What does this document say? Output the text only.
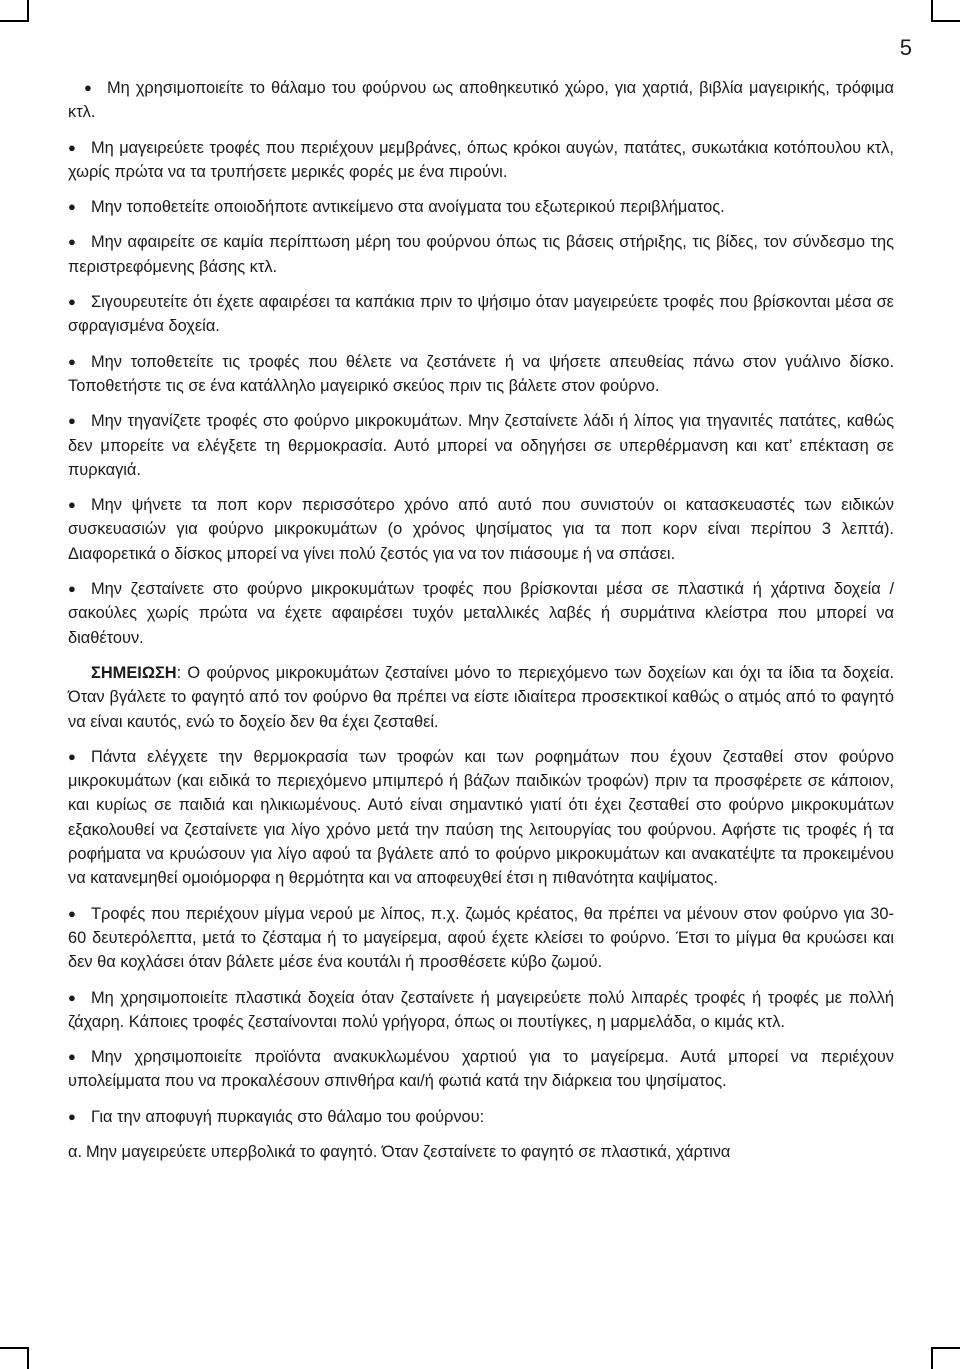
5

● Μη χρησιμοποιείτε το θάλαμο του φούρνου ως αποθηκευτικό χώρο, για χαρτιά, βιβλία μαγειρικής, τρόφιμα κτλ.

● Μη μαγειρεύετε τροφές που περιέχουν μεμβράνες, όπως κρόκοι αυγών, πατάτες, συκωτάκια κοτόπουλου κτλ, χωρίς πρώτα να τα τρυπήσετε μερικές φορές με ένα πιρούνι.

● Μην τοποθετείτε οποιοδήποτε αντικείμενο στα ανοίγματα του εξωτερικού περιβλήματος.

● Μην αφαιρείτε σε καμία περίπτωση μέρη του φούρνου όπως τις βάσεις στήριξης, τις βίδες, τον σύνδεσμο της περιστρεφόμενης βάσης κτλ.

● Σιγουρευτείτε ότι έχετε αφαιρέσει τα καπάκια πριν το ψήσιμο όταν μαγειρεύετε τροφές που βρίσκονται μέσα σε σφραγισμένα δοχεία.

● Μην τοποθετείτε τις τροφές που θέλετε να ζεστάνετε ή να ψήσετε απευθείας πάνω στον γυάλινο δίσκο. Τοποθετήστε τις σε ένα κατάλληλο μαγειρικό σκεύος πριν τις βάλετε στον φούρνο.

● Μην τηγανίζετε τροφές στο φούρνο μικροκυμάτων. Μην ζεσταίνετε λάδι ή λίπος για τηγανιτές πατάτες, καθώς δεν μπορείτε να ελέγξετε τη θερμοκρασία. Αυτό μπορεί να οδηγήσει σε υπερθέρμανση και κατ’ επέκταση σε πυρκαγιά.

● Μην ψήνετε τα ποπ κορν περισσότερο χρόνο από αυτό που συνιστούν οι κατασκευαστές των ειδικών συσκευασιών για φούρνο μικροκυμάτων (ο χρόνος ψησίματος για τα ποπ κορν είναι περίπου 3 λεπτά). Διαφορετικά ο δίσκος μπορεί να γίνει πολύ ζεστός για να τον πιάσουμε ή να σπάσει.

● Μην ζεσταίνετε στο φούρνο μικροκυμάτων τροφές που βρίσκονται μέσα σε πλαστικά ή χάρτινα δοχεία / σακούλες χωρίς πρώτα να έχετε αφαιρέσει τυχόν μεταλλικές λαβές ή συρμάτινα κλείστρα που μπορεί να διαθέτουν.

ΣΗΜΕΙΩΣΗ: Ο φούρνος μικροκυμάτων ζεσταίνει μόνο το περιεχόμενο των δοχείων και όχι τα ίδια τα δοχεία. Όταν βγάλετε το φαγητό από τον φούρνο θα πρέπει να είστε ιδιαίτερα προσεκτικοί καθώς ο ατμός από το φαγητό να είναι καυτός, ενώ το δοχείο δεν θα έχει ζεσταθεί.

● Πάντα ελέγχετε την θερμοκρασία των τροφών και των ροφημάτων που έχουν ζεσταθεί στον φούρνο μικροκυμάτων (και ειδικά το περιεχόμενο μπιμπερό ή βάζων παιδικών τροφών) πριν τα προσφέρετε σε κάποιον, και κυρίως σε παιδιά και ηλικιωμένους. Αυτό είναι σημαντικό γιατί ότι έχει ζεσταθεί στο φούρνο μικροκυμάτων εξακολουθεί να ζεσταίνετε για λίγο χρόνο μετά την παύση της λειτουργίας του φούρνου. Αφήστε τις τροφές ή τα ροφήματα να κρυώσουν για λίγο αφού τα βγάλετε από το φούρνο μικροκυμάτων και ανακατέψτε τα προκειμένου να κατανεμηθεί ομοιόμορφα η θερμότητα και να αποφευχθεί έτσι η πιθανότητα καψίματος.

● Τροφές που περιέχουν μίγμα νερού με λίπος, π.χ. ζωμός κρέατος, θα πρέπει να μένουν στον φούρνο για 30-60 δευτερόλεπτα, μετά το ζέσταμα ή το μαγείρεμα, αφού έχετε κλείσει το φούρνο. Έτσι το μίγμα θα κρυώσει και δεν θα κοχλάσει όταν βάλετε μέσε ένα κουτάλι ή προσθέσετε κύβο ζωμού.

● Μη χρησιμοποιείτε πλαστικά δοχεία όταν ζεσταίνετε ή μαγειρεύετε πολύ λιπαρές τροφές ή τροφές με πολλή ζάχαρη. Κάποιες τροφές ζεσταίνονται πολύ γρήγορα, όπως οι πουτίγκες, η μαρμελάδα, ο κιμάς κτλ.

● Μην χρησιμοποιείτε προϊόντα ανακυκλωμένου χαρτιού για το μαγείρεμα. Αυτά μπορεί να περιέχουν υπολείμματα που να προκαλέσουν σπινθήρα και/ή φωτιά κατά την διάρκεια του ψησίματος.

● Για την αποφυγή πυρκαγιάς στο θάλαμο του φούρνου:

α. Μην μαγειρεύετε υπερβολικά το φαγητό. Όταν ζεσταίνετε το φαγητό σε πλαστικά, χάρτινα
